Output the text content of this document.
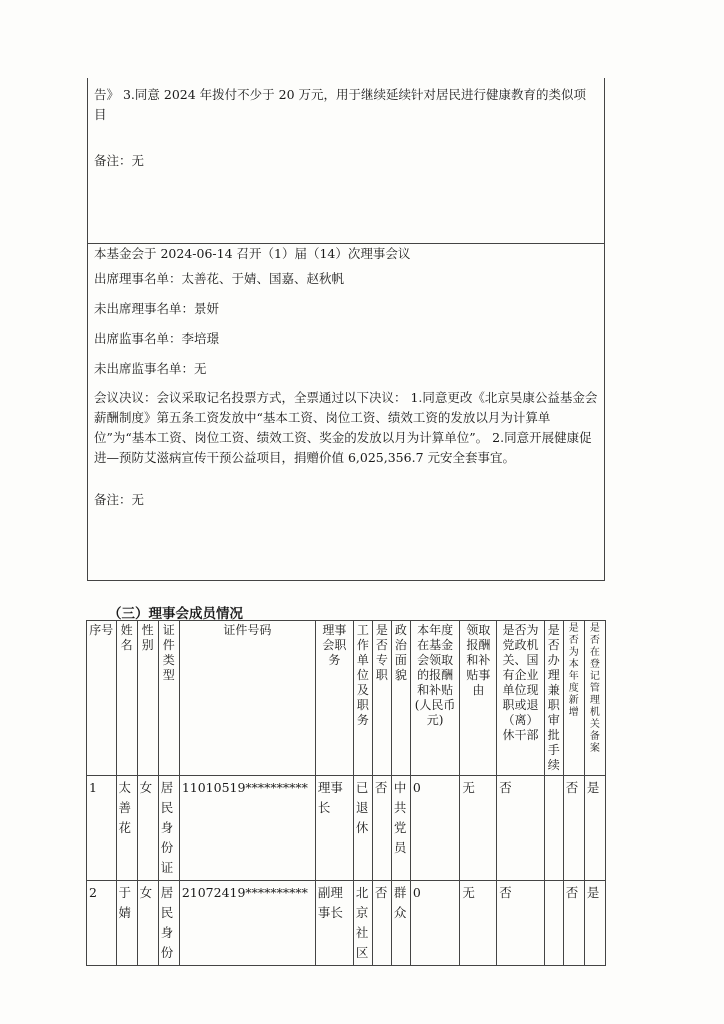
告》 3.同意 2024 年拨付不少于 20 万元，用于继续延续针对居民进行健康教育的类似项
目
备注：无
本基金会于 2024-06-14 召开（1）届（14）次理事会议
出席理事名单：太善花、于婧、国嘉、赵秋帆
未出席理事名单：景妍
出席监事名单：李培璟
未出席监事名单：无
会议决议：会议采取记名投票方式，全票通过以下决议： 1.同意更改《北京昊康公益基金会薪酬制度》第五条工资发放中“基本工资、岗位工资、绩效工资的发放以月为计算单位”为“基本工资、岗位工资、绩效工资、奖金的发放以月为计算单位”。 2.同意开展健康促进—预防艾滋病宣传干预公益项目，捐赠价值 6,025,356.7 元安全套事宜。
备注：无
（三）理事会成员情况
序号	姓名	性别	证件类型	证件号码	理事会职务	工作单位及职务	是否专职	政治面貌	本年度在基金会领取的报酬和补贴(人民币元)	领取报酬和补贴事由	是否为党政机关、国有企业单位现职或退（离）休干部	是否办理兼职审批手续	是否为本年度新增	是否在登记管理机关备案
1	太善花	女	居民身份证	11010519**********	理事长	已退休	否	中共党员	0	无	否		否	是
2	于婧	女	居民身份	21072419**********	副理事长	北京社区	否	群众	0	无	否		否	是
